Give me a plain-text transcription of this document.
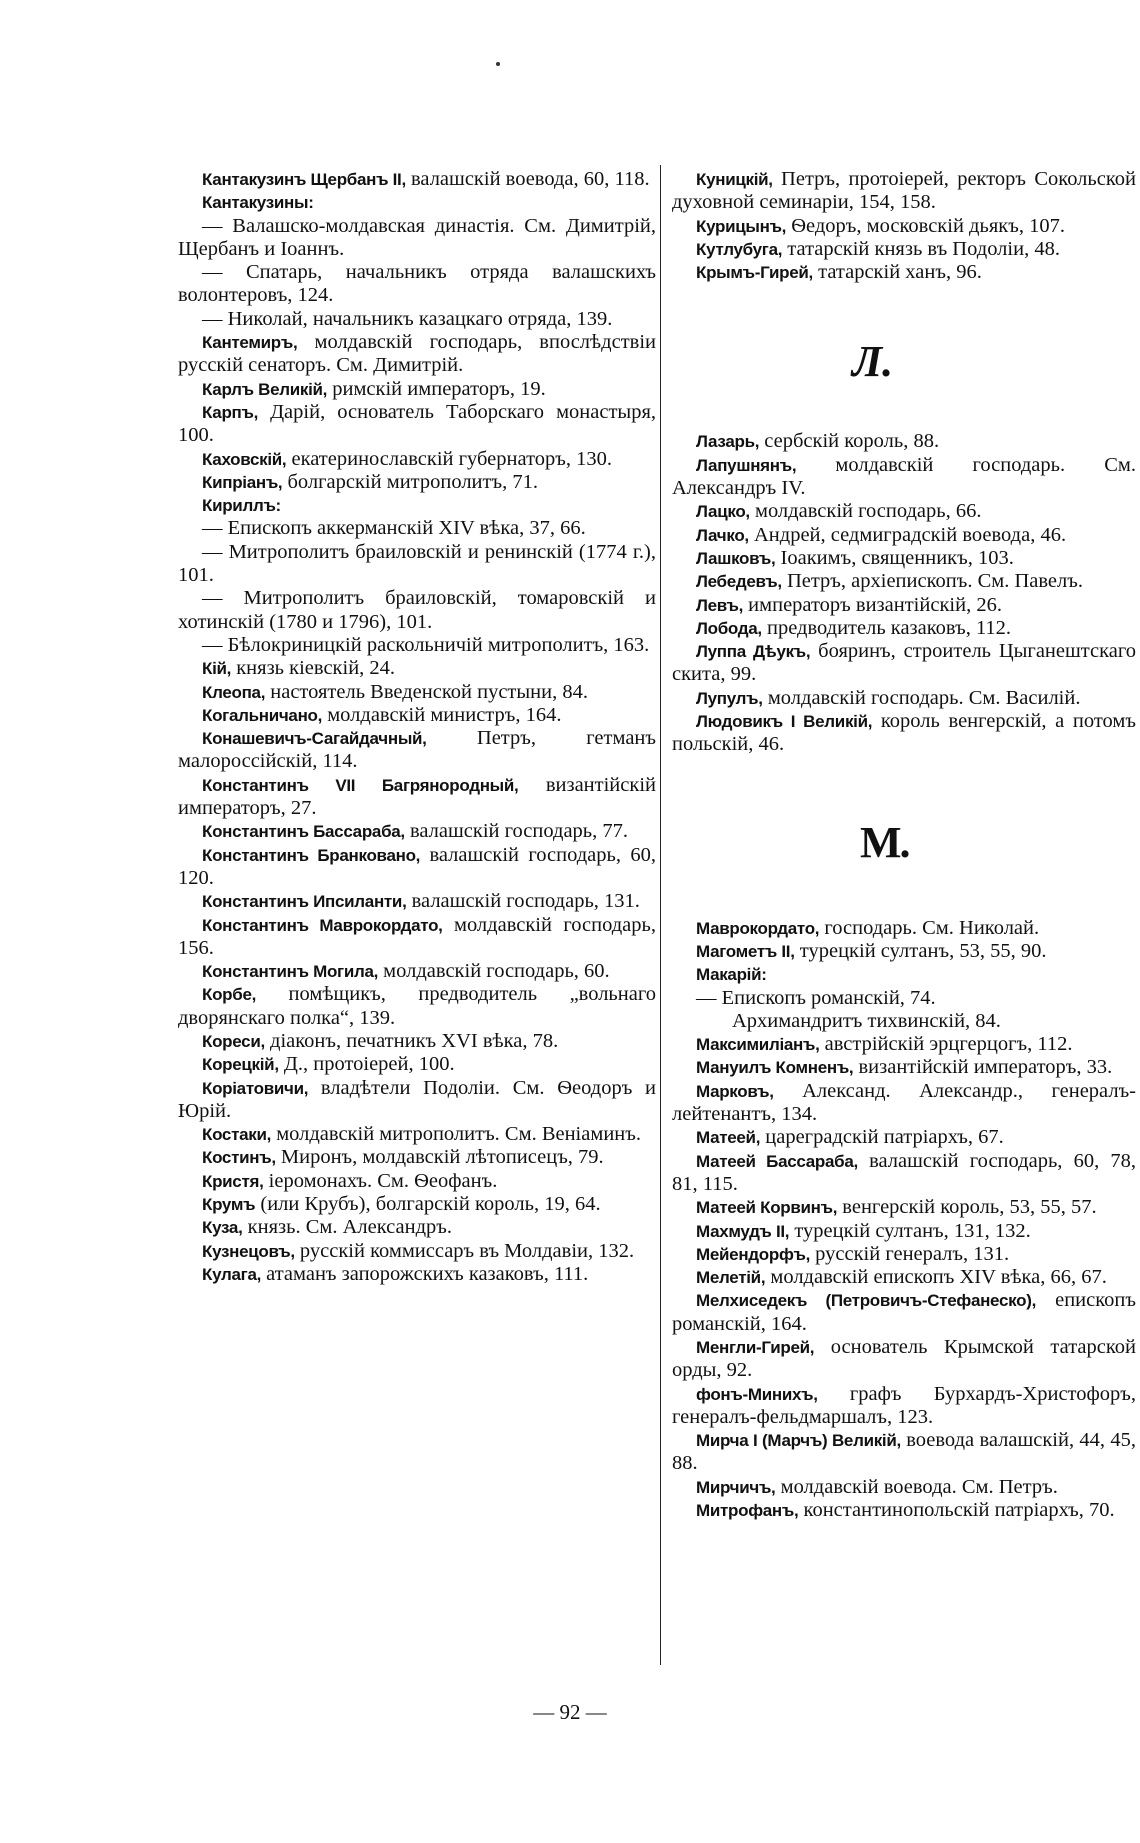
Кантакузинъ Щербанъ II, валашскій воевода, 60, 118.

Кантакузины:

— Валашско-молдавская династія. См. Димитрій, Щербанъ и Іоаннъ.

— Спатарь, начальникъ отряда валашскихъ волонтеровъ, 124.

— Николай, начальникъ казацкаго отряда, 139.

Кантемиръ, молдавскій господарь, впослѣдствіи русскій сенаторъ. См. Димитрій.

Карлъ Великій, римскій императоръ, 19.

Карпъ, Дарій, основатель Таборскаго монастыря, 100.

Каховскій, екатеринославскій губернаторъ, 130.

Кипріанъ, болгарскій митрополитъ, 71.

Кириллъ:

— Епископъ аккерманскій XIV вѣка, 37, 66.

— Митрополитъ браиловскій и ренинскій (1774 г.), 101.

— Митрополитъ браиловскій, томаровскій и хотинскій (1780 и 1796), 101.

— Бѣлокриницкій раскольничій митрополитъ, 163.

Кій, князь кіевскій, 24.

Клеопа, настоятель Введенской пустыни, 84.

Когальничано, молдавскій министръ, 164.

Конашевичъ-Сагайдачный, Петръ, гетманъ малороссійскій, 114.

Константинъ VII Багрянородный, византійскій императоръ, 27.

Константинъ Бассараба, валашскій господарь, 77.

Константинъ Бранковано, валашскій господарь, 60, 120.

Константинъ Ипсиланти, валашскій господарь, 131.

Константинъ Маврокордато, молдавскій господарь, 156.

Константинъ Могила, молдавскій господарь, 60.

Корбе, помѣщикъ, предводитель „вольнаго дворянскаго полка“, 139.

Кореси, діаконъ, печатникъ XVI вѣка, 78.

Корецкій, Д., протоіерей, 100.

Коріатовичи, владѣтели Подоліи. См. Ѳеодоръ и Юрій.

Костаки, молдавскій митрополитъ. См. Веніаминъ.

Костинъ, Миронъ, молдавскій лѣтописецъ, 79.

Кристя, іеромонахъ. См. Ѳеофанъ.

Крумъ (или Крубъ), болгарскій король, 19, 64.

Куза, князь. См. Александръ.

Кузнецовъ, русскій коммиссаръ въ Молдавіи, 132.

Кулага, атаманъ запорожскихъ казаковъ, 111.

Куницкій, Петръ, протоіерей, ректоръ Сокольской духовной семинаріи, 154, 158.

Курицынъ, Ѳедоръ, московскій дьякъ, 107.

Кутлубуга, татарскій князь въ Подоліи, 48.

Крымъ-Гирей, татарскій ханъ, 96.

Л.

Лазарь, сербскій король, 88.

Лапушнянъ, молдавскій господарь. См. Александръ IV.

Лацко, молдавскій господарь, 66.

Лачко, Андрей, седмиградскій воевода, 46.

Лашковъ, Іоакимъ, священникъ, 103.

Лебедевъ, Петръ, архіепископъ. См. Павелъ.

Левъ, императоръ византійскій, 26.

Лобода, предводитель казаковъ, 112.

Луппа Дѣукъ, бояринъ, строитель Цыганештскаго скита, 99.

Лупулъ, молдавскій господарь. См. Василій.

Людовикъ I Великій, король венгерскій, а потомъ польскій, 46.

М.

Маврокордато, господарь. См. Николай.

Магометъ II, турецкій султанъ, 53, 55, 90.

Макарій:

— Епископъ романскій, 74.

Архимандритъ тихвинскій, 84.

Максимиліанъ, австрійскій эрцгерцогъ, 112.

Мануилъ Комненъ, византійскій императоръ, 33.

Марковъ, Александ. Александр., генералъ-лейтенантъ, 134.

Матеей, цареградскій патріархъ, 67.

Матеей Бассараба, валашскій господарь, 60, 78, 81, 115.

Матеей Корвинъ, венгерскій король, 53, 55, 57.

Махмудъ II, турецкій султанъ, 131, 132.

Мейендорфъ, русскій генералъ, 131.

Мелетій, молдавскій епископъ XIV вѣка, 66, 67.

Мелхиседекъ (Петровичъ-Стефанеско), епископъ романскій, 164.

Менгли-Гирей, основатель Крымской татарской орды, 92.

фонъ-Минихъ, графъ Бурхардъ-Христофоръ, генералъ-фельдмаршалъ, 123.

Мирча I (Марчъ) Великій, воевода валашскій, 44, 45, 88.

Мирчичъ, молдавскій воевода. См. Петръ.

Митрофанъ, константинопольскій патріархъ, 70.

— 92 —
